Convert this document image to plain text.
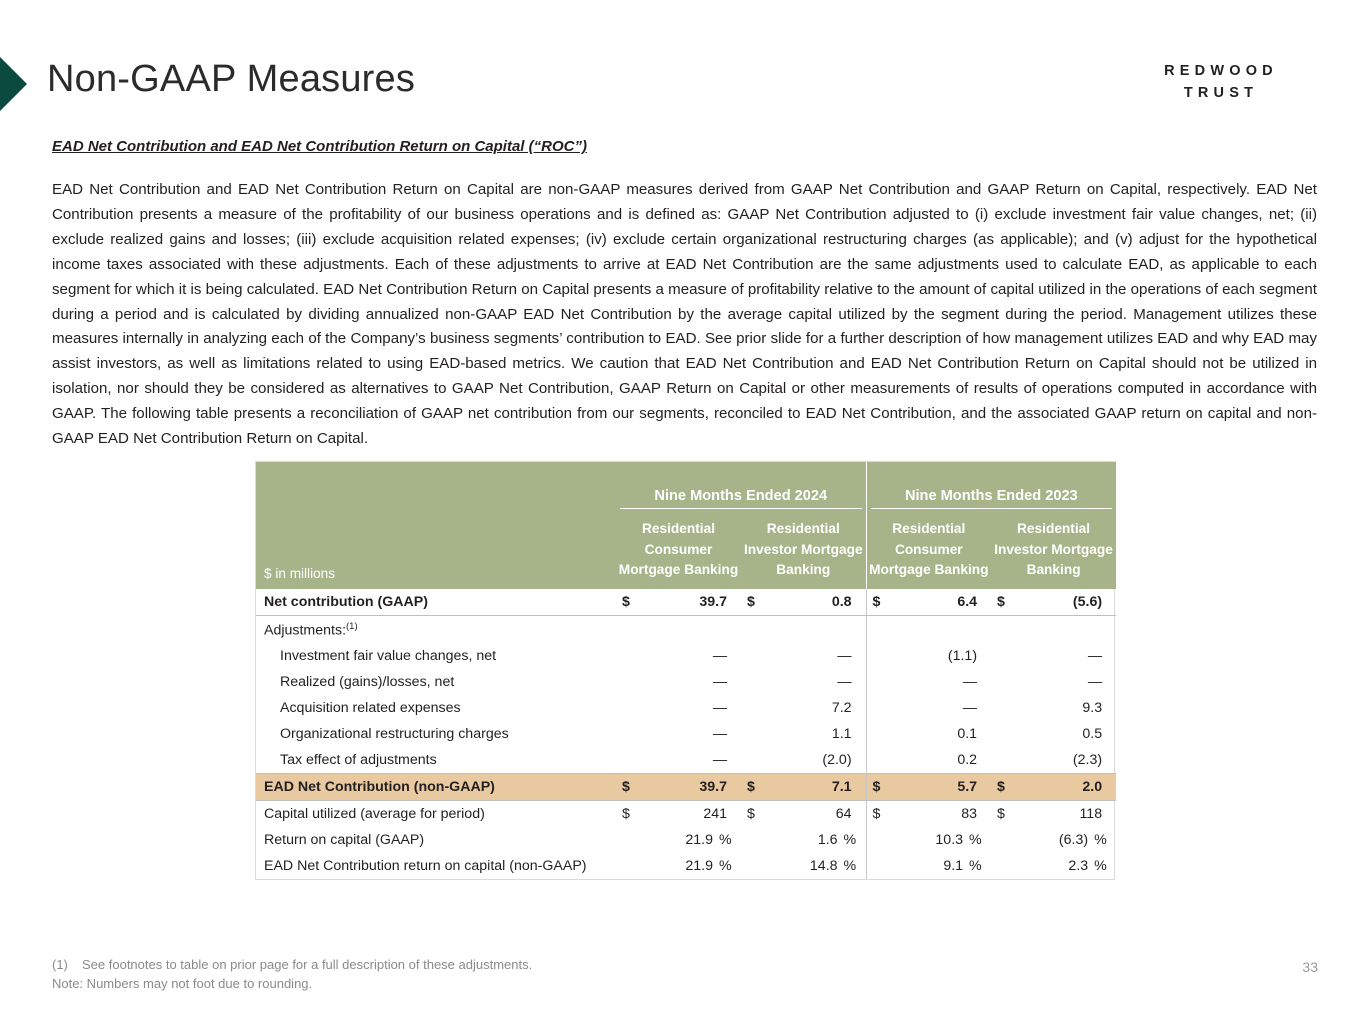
Non-GAAP Measures	REDWOOD
TRUST
EAD Net Contribution and EAD Net Contribution Return on Capital (“ROC”)
EAD Net Contribution and EAD Net Contribution Return on Capital are non-GAAP measures derived from GAAP Net Contribution and GAAP Return on Capital, respectively. EAD Net Contribution presents a measure of the profitability of our business operations and is defined as: GAAP Net Contribution adjusted to (i) exclude investment fair value changes, net; (ii) exclude realized gains and losses; (iii) exclude acquisition related expenses; (iv) exclude certain organizational restructuring charges (as applicable); and (v) adjust for the hypothetical income taxes associated with these adjustments. Each of these adjustments to arrive at EAD Net Contribution are the same adjustments used to calculate EAD, as applicable to each segment for which it is being calculated. EAD Net Contribution Return on Capital presents a measure of profitability relative to the amount of capital utilized in the operations of each segment during a period and is calculated by dividing annualized non-GAAP EAD Net Contribution by the average capital utilized by the segment during the period. Management utilizes these measures internally in analyzing each of the Company’s business segments’ contribution to EAD. See prior slide for a further description of how management utilizes EAD and why EAD may assist investors, as well as limitations related to using EAD-based metrics. We caution that EAD Net Contribution and EAD Net Contribution Return on Capital should not be utilized in isolation, nor should they be considered as alternatives to GAAP Net Contribution, GAAP Return on Capital or other measurements of results of operations computed in accordance with GAAP. The following table presents a reconciliation of GAAP net contribution from our segments, reconciled to EAD Net Contribution, and the associated GAAP return on capital and non-GAAP EAD Net Contribution Return on Capital.
$ in millions	Nine Months Ended 2024				Nine Months Ended 2023			

	Residential Consumer Mortgage Banking		Residential Investor Mortgage Banking		Residential Consumer Mortgage Banking		Residential Investor Mortgage Banking	
Net contribution (GAAP)	$	39.7	$	0.8	$	6.4	$	(5.6)
Adjustments:$^{(1)}$								
Investment fair value changes, net		—		—		(1.1)		—
Realized (gains)/losses, net		—		—		—		—
Acquisition related expenses		—		7.2		—		9.3
Organizational restructuring charges		—		1.1		0.1		0.5
Tax effect of adjustments		—		(2.0)		0.2		(2.3)
EAD Net Contribution (non-GAAP)	$	39.7	$	7.1	$	5.7	$	2.0
Capital utilized (average for period)	$	241	$	64	$	83	$	118
Return on capital (GAAP)		21.9 %		1.6 %		10.3 %		(6.3) %
EAD Net Contribution return on capital (non-GAAP)		21.9 %		14.8 %		9.1 %		2.3 %
(1) See footnotes to table on prior page for a full description of these adjustments.
Note: Numbers may not foot due to rounding.
33
